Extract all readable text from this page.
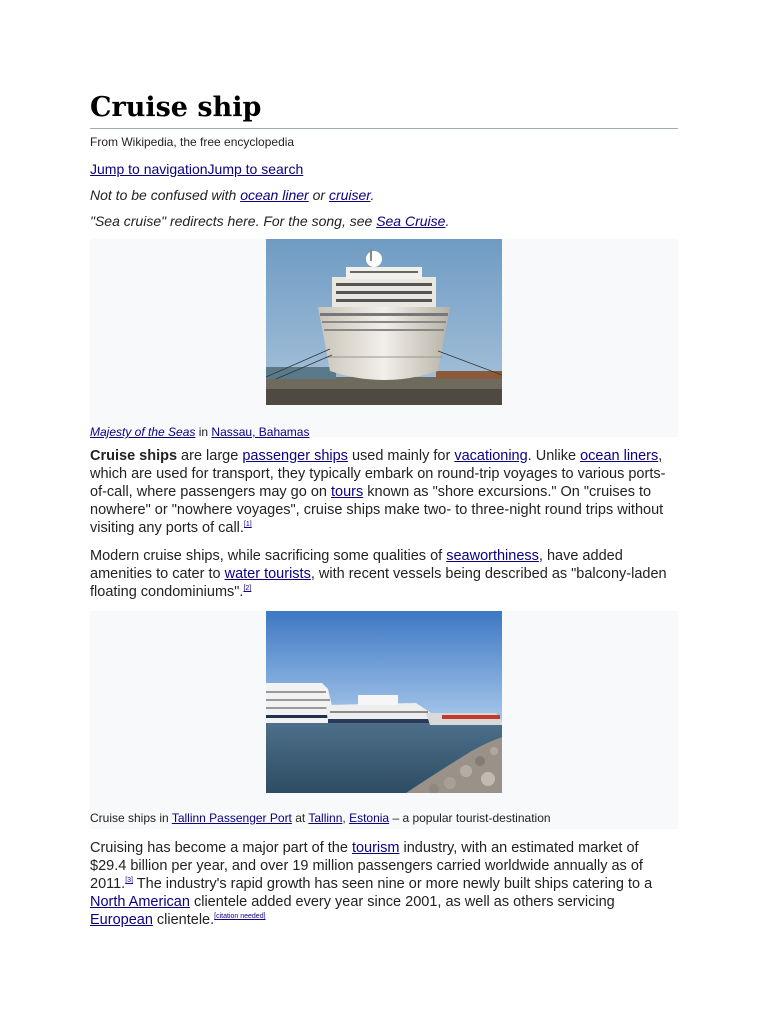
Cruise ship
From Wikipedia, the free encyclopedia
Jump to navigationJump to search
Not to be confused with ocean liner or cruiser.
"Sea cruise" redirects here. For the song, see Sea Cruise.
Majesty of the Seas in Nassau, Bahamas

Cruise ships are large passenger ships used mainly for vacationing. Unlike ocean liners, which are used for transport, they typically embark on round-trip voyages to various ports-of-call, where passengers may go on tours known as "shore excursions." On "cruises to nowhere" or "nowhere voyages", cruise ships make two- to three-night round trips without visiting any ports of call.[1]

Modern cruise ships, while sacrificing some qualities of seaworthiness, have added amenities to cater to water tourists, with recent vessels being described as "balcony-laden floating condominiums".[2]

Cruise ships in Tallinn Passenger Port at Tallinn, Estonia – a popular tourist-destination

Cruising has become a major part of the tourism industry, with an estimated market of $29.4 billion per year, and over 19 million passengers carried worldwide annually as of 2011.[3] The industry's rapid growth has seen nine or more newly built ships catering to a North American clientele added every year since 2001, as well as others servicing European clientele.[citation needed]
